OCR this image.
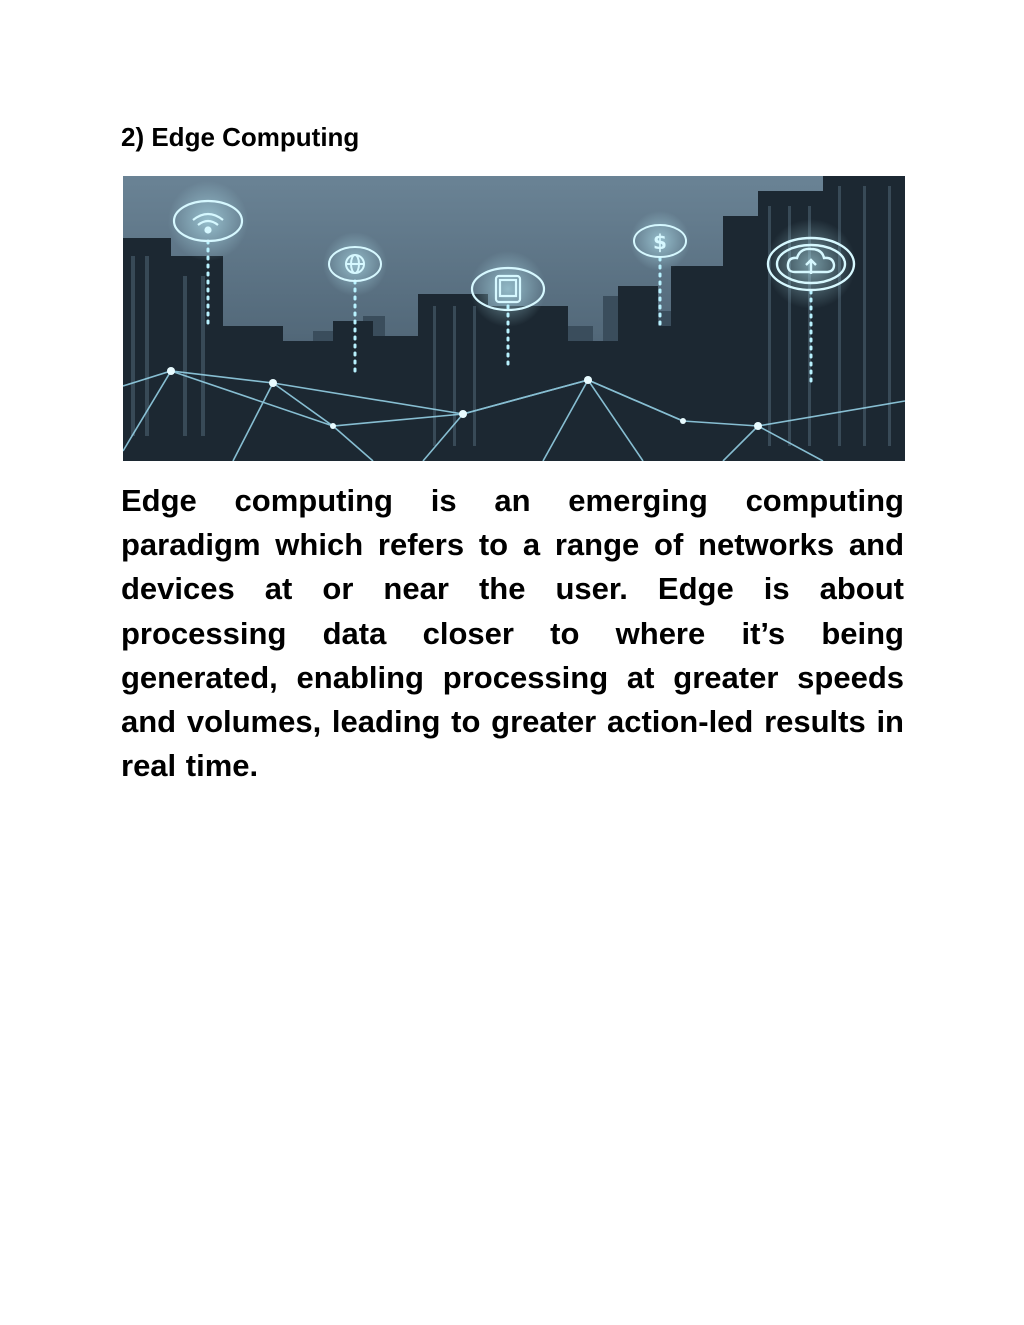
2) Edge Computing
$

Edge computing is an emerging computing paradigm which refers to a range of networks and devices at or near the user. Edge is about processing data closer to where it’s being generated, enabling processing at greater speeds and volumes, leading to greater action-led results in real time.
